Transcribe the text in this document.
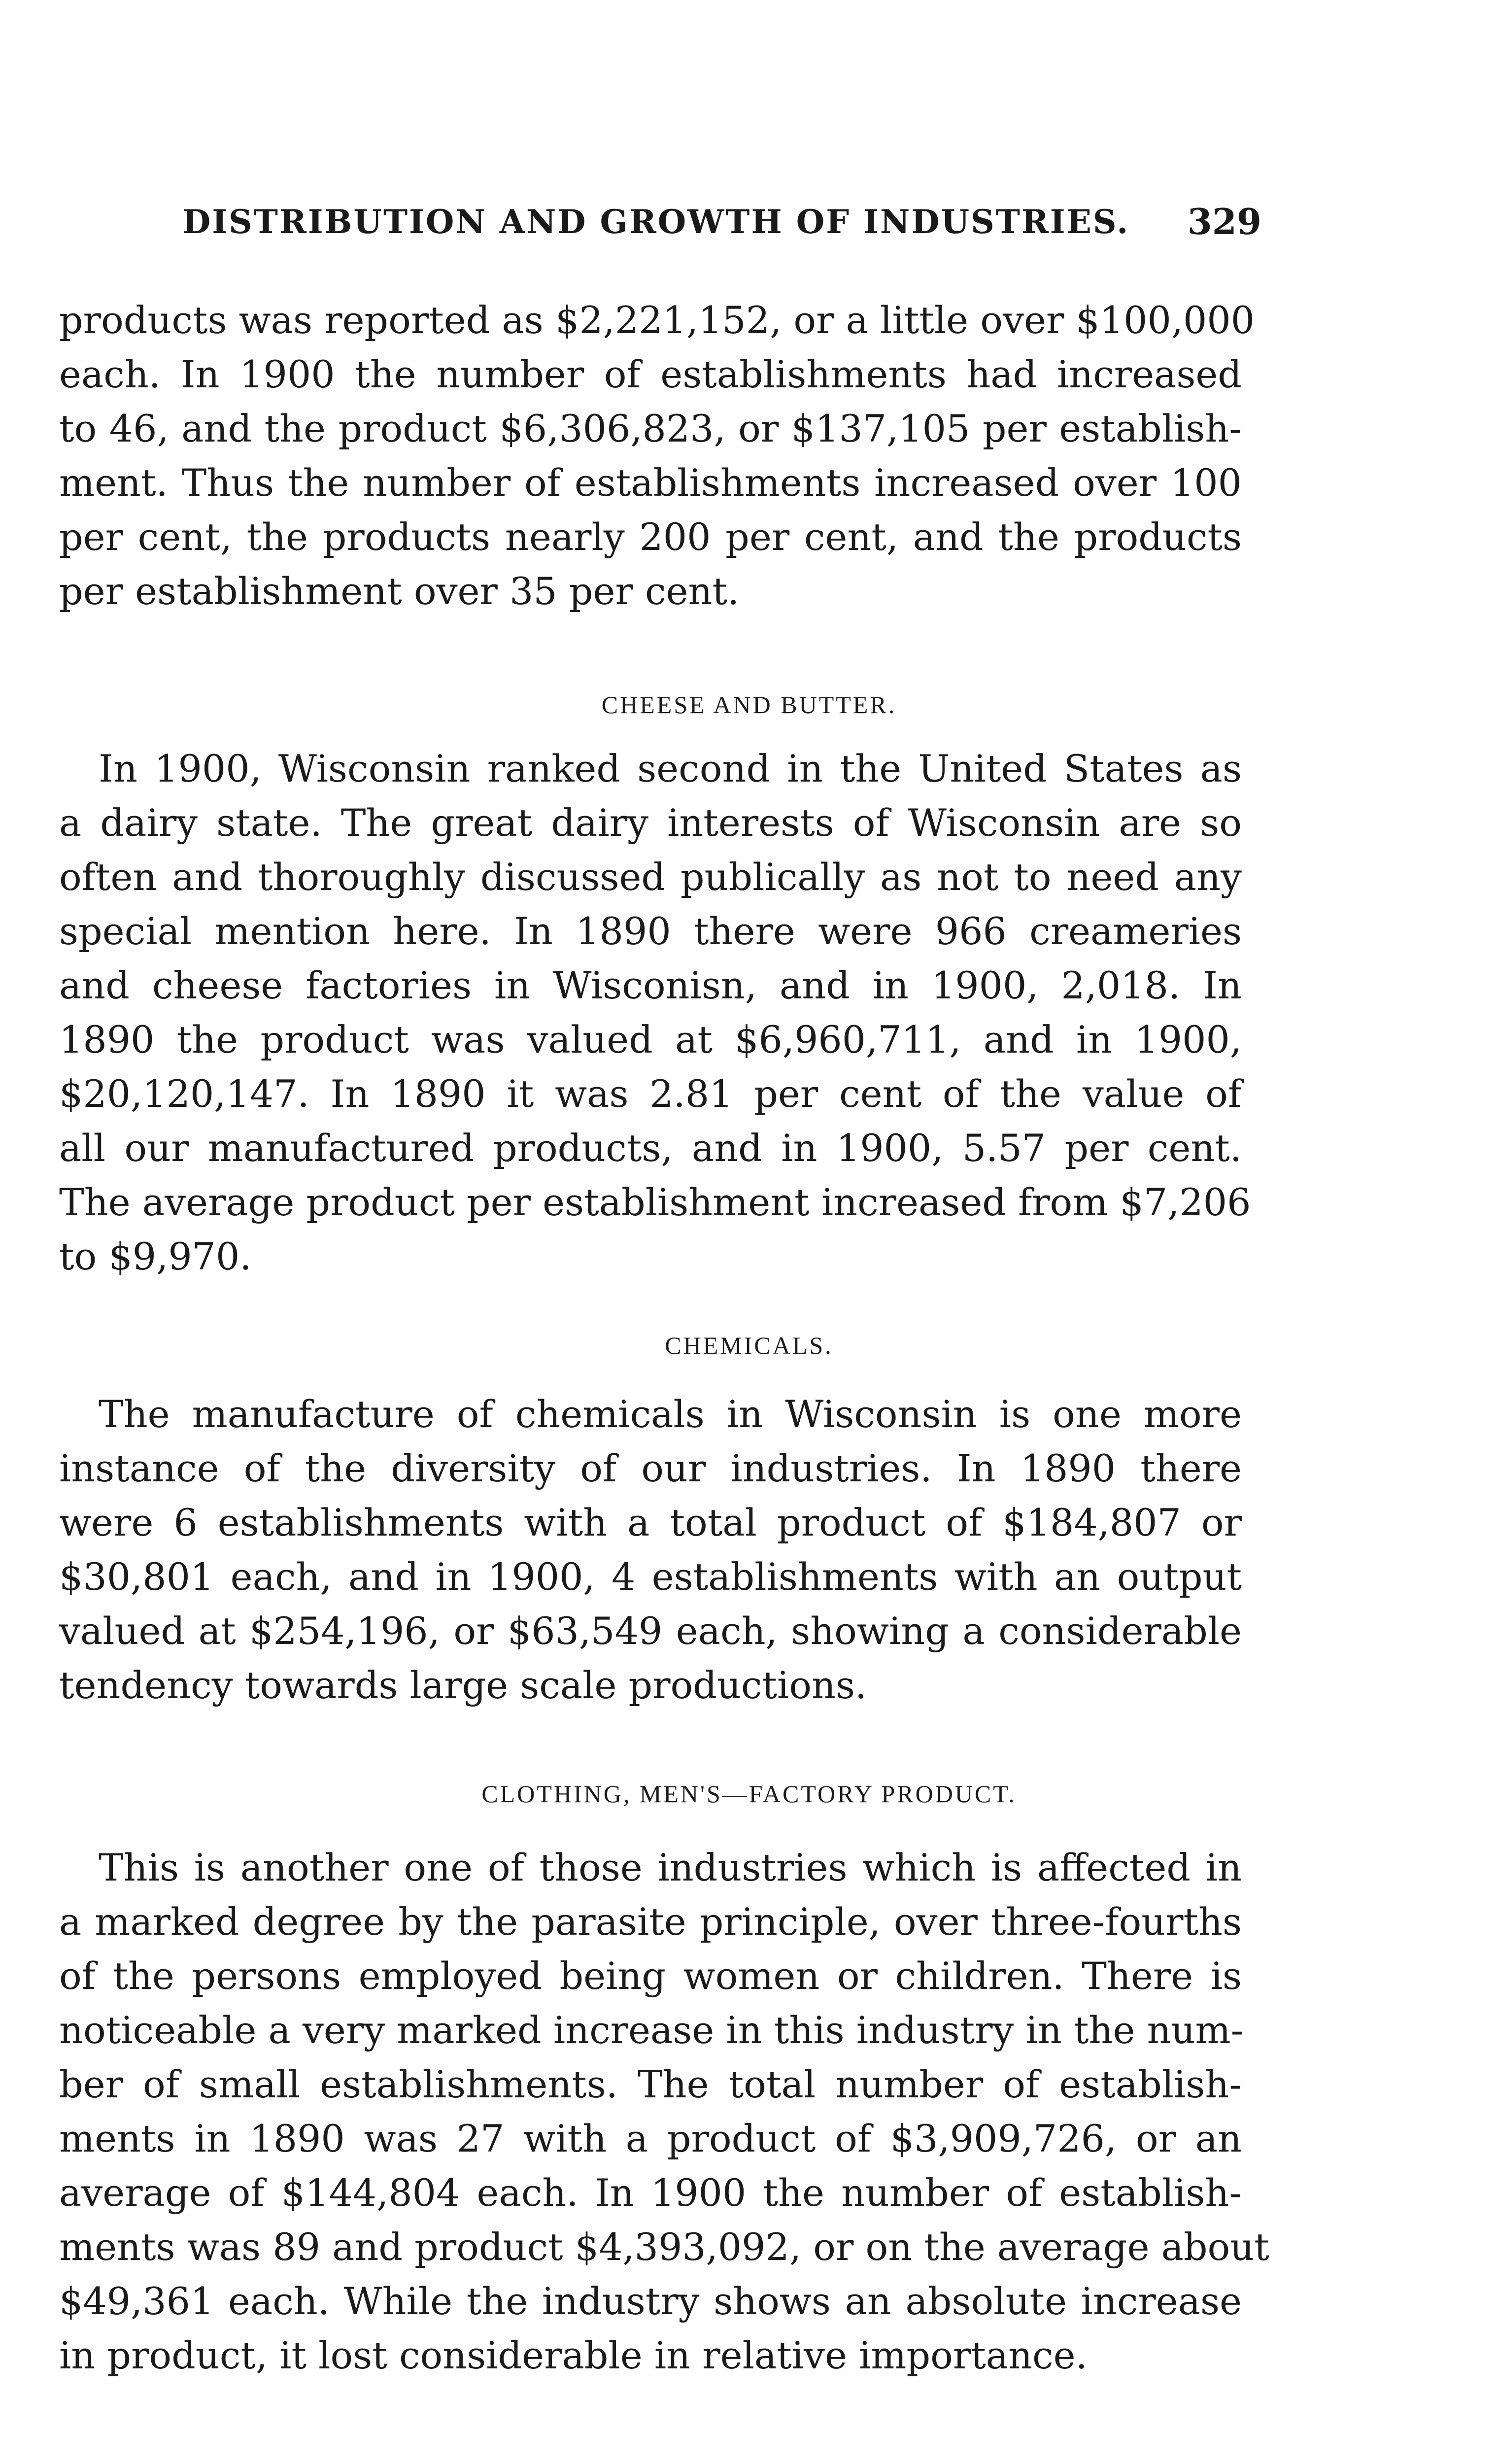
DISTRIBUTION AND GROWTH OF INDUSTRIES. 329
products was reported as $2,221,152, or a little over $100,000
each. In 1900 the number of establishments had increased
to 46, and the product $6,306,823, or $137,105 per establish-
ment. Thus the number of establishments increased over 100
per cent, the products nearly 200 per cent, and the products
per establishment over 35 per cent.
CHEESE AND BUTTER.
In 1900, Wisconsin ranked second in the United States as
a dairy state. The great dairy interests of Wisconsin are so
often and thoroughly discussed publically as not to need any
special mention here. In 1890 there were 966 creameries
and cheese factories in Wisconisn, and in 1900, 2,018. In
1890 the product was valued at $6,960,711, and in 1900,
$20,120,147. In 1890 it was 2.81 per cent of the value of
all our manufactured products, and in 1900, 5.57 per cent.
The average product per establishment increased from $7,206
to $9,970.
CHEMICALS.
The manufacture of chemicals in Wisconsin is one more
instance of the diversity of our industries. In 1890 there
were 6 establishments with a total product of $184,807 or
$30,801 each, and in 1900, 4 establishments with an output
valued at $254,196, or $63,549 each, showing a considerable
tendency towards large scale productions.
CLOTHING, MEN'S—FACTORY PRODUCT.
This is another one of those industries which is affected in
a marked degree by the parasite principle, over three-fourths
of the persons employed being women or children. There is
noticeable a very marked increase in this industry in the num-
ber of small establishments. The total number of establish-
ments in 1890 was 27 with a product of $3,909,726, or an
average of $144,804 each. In 1900 the number of establish-
ments was 89 and product $4,393,092, or on the average about
$49,361 each. While the industry shows an absolute increase
in product, it lost considerable in relative importance.
